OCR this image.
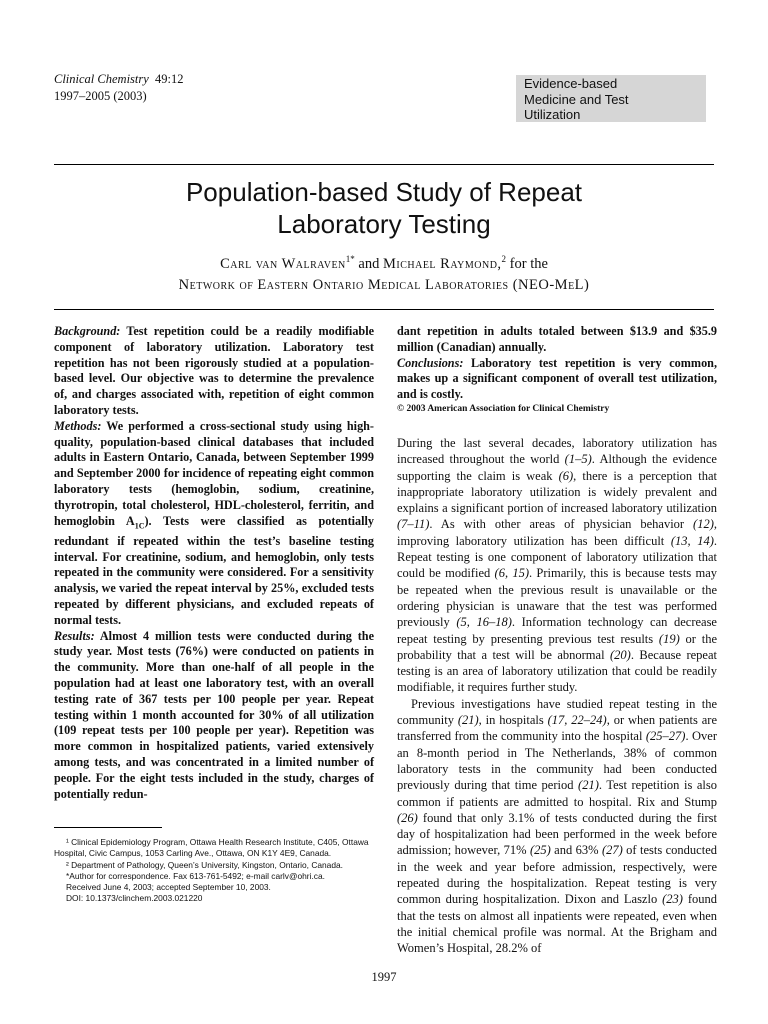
Clinical Chemistry 49:12
1997–2005 (2003)
Evidence-based
Medicine and Test
Utilization
Population-based Study of Repeat
Laboratory Testing
Carl van Walraven$^{1*}$ and Michael Raymond,$^2$ for the
Network of Eastern Ontario Medical Laboratories (NEO-MeL)

Background: Test repetition could be a readily modifiable component of laboratory utilization. Laboratory test repetition has not been rigorously studied at a population-based level. Our objective was to determine the prevalence of, and charges associated with, repetition of eight common laboratory tests.

Methods: We performed a cross-sectional study using high-quality, population-based clinical databases that included adults in Eastern Ontario, Canada, between September 1999 and September 2000 for incidence of repeating eight common laboratory tests (hemoglobin, sodium, creatinine, thyrotropin, total cholesterol, HDL-cholesterol, ferritin, and hemoglobin $A_{1C}$). Tests were classified as potentially redundant if repeated within the test’s baseline testing interval. For creatinine, sodium, and hemoglobin, only tests repeated in the community were considered. For a sensitivity analysis, we varied the repeat interval by 25%, excluded tests repeated by different physicians, and excluded repeats of normal tests.

Results: Almost 4 million tests were conducted during the study year. Most tests (76%) were conducted on patients in the community. More than one-half of all people in the population had at least one laboratory test, with an overall testing rate of 367 tests per 100 people per year. Repeat testing within 1 month accounted for 30% of all utilization (109 repeat tests per 100 people per year). Repetition was more common in hospitalized patients, varied extensively among tests, and was concentrated in a limited number of people. For the eight tests included in the study, charges of potentially redun-

dant repetition in adults totaled between $13.9 and $35.9 million (Canadian) annually.

Conclusions: Laboratory test repetition is very common, makes up a significant component of overall test utilization, and is costly.

© 2003 American Association for Clinical Chemistry

During the last several decades, laboratory utilization has increased throughout the world (1–5). Although the evidence supporting the claim is weak (6), there is a perception that inappropriate laboratory utilization is widely prevalent and explains a significant portion of increased laboratory utilization (7–11). As with other areas of physician behavior (12), improving laboratory utilization has been difficult (13, 14). Repeat testing is one component of laboratory utilization that could be modified (6, 15). Primarily, this is because tests may be repeated when the previous result is unavailable or the ordering physician is unaware that the test was performed previously (5, 16–18). Information technology can decrease repeat testing by presenting previous test results (19) or the probability that a test will be abnormal (20). Because repeat testing is an area of laboratory utilization that could be readily modifiable, it requires further study.

Previous investigations have studied repeat testing in the community (21), in hospitals (17, 22–24), or when patients are transferred from the community into the hospital (25–27). Over an 8-month period in The Netherlands, 38% of common laboratory tests in the community had been conducted previously during that time period (21). Test repetition is also common if patients are admitted to hospital. Rix and Stump (26) found that only 3.1% of tests conducted during the first day of hospitalization had been performed in the week before admission; however, 71% (25) and 63% (27) of tests conducted in the week and year before admission, respectively, were repeated during the hospitalization. Repeat testing is very common during hospitalization. Dixon and Laszlo (23) found that the tests on almost all inpatients were repeated, even when the initial chemical profile was normal. At the Brigham and Women’s Hospital, 28.2% of

¹ Clinical Epidemiology Program, Ottawa Health Research Institute, C405, Ottawa Hospital, Civic Campus, 1053 Carling Ave., Ottawa, ON K1Y 4E9, Canada.
² Department of Pathology, Queen’s University, Kingston, Ontario, Canada.
*Author for correspondence. Fax 613-761-5492; e-mail carlv@ohri.ca.
Received June 4, 2003; accepted September 10, 2003.
DOI: 10.1373/clinchem.2003.021220
1997
